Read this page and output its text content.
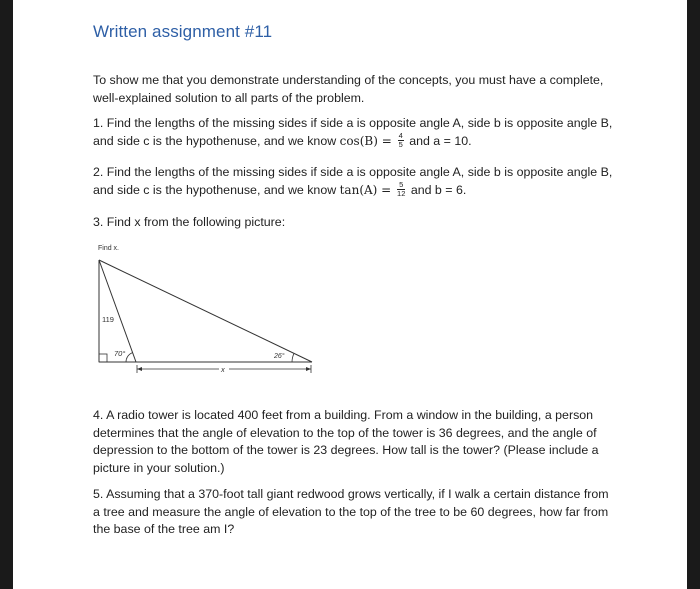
Written assignment #11
To show me that you demonstrate understanding of the concepts, you must have a complete, well-explained solution to all parts of the problem.
1. Find the lengths of the missing sides if side a is opposite angle A, side b is opposite angle B, and side c is the hypothenuse, and we know $\cos(B) = \frac{4}{5}$ and a = 10.
2. Find the lengths of the missing sides if side a is opposite angle A, side b is opposite angle B, and side c is the hypothenuse, and we know $\tan(A) = \frac{5}{12}$ and b = 6.
3. Find x from the following picture:
Find x.
119
70°	26°
x
4. A radio tower is located 400 feet from a building. From a window in the building, a person determines that the angle of elevation to the top of the tower is 36 degrees, and the angle of depression to the bottom of the tower is 23 degrees. How tall is the tower? (Please include a picture in your solution.)
5. Assuming that a 370-foot tall giant redwood grows vertically, if I walk a certain distance from a tree and measure the angle of elevation to the top of the tree to be 60 degrees, how far from the base of the tree am I?
